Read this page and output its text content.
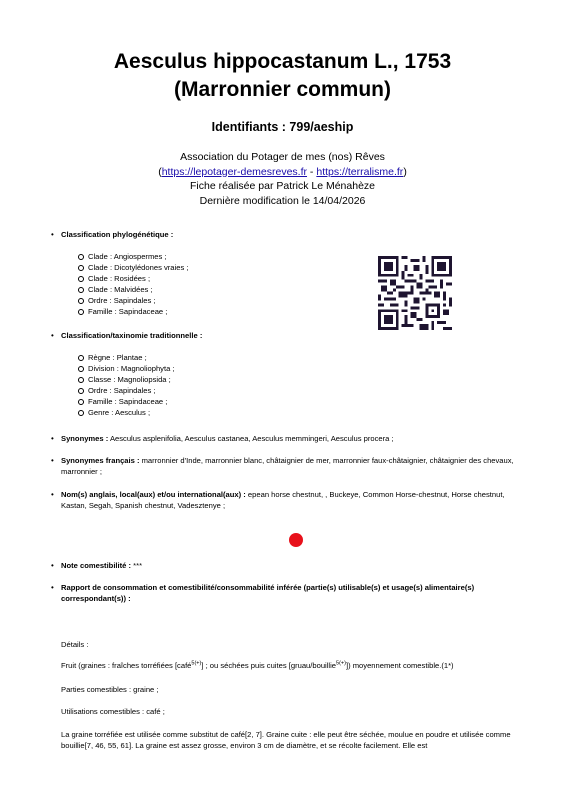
Aesculus hippocastanum L., 1753
(Marronnier commun)
Identifiants : 799/aeship
Association du Potager de mes (nos) Rêves
(https://lepotager-demesreves.fr - https://terralisme.fr)
Fiche réalisée par Patrick Le Ménahèze
Dernière modification le 14/04/2026
• Classification phylogénétique :
Clade : Angiospermes ;
Clade : Dicotylédones vraies ;
Clade : Rosidées ;
Clade : Malvidées ;
Ordre : Sapindales ;
Famille : Sapindaceae ;
• Classification/taxinomie traditionnelle :
Règne : Plantae ;
Division : Magnoliophyta ;
Classe : Magnoliopsida ;
Ordre : Sapindales ;
Famille : Sapindaceae ;
Genre : Aesculus ;
• Synonymes : Aesculus asplenifolia, Aesculus castanea, Aesculus memmingeri, Aesculus procera ;
• Synonymes français : marronnier d'Inde, marronnier blanc, châtaignier de mer, marronnier faux-châtaignier, châtaignier des chevaux, marronnier ;
• Nom(s) anglais, local(aux) et/ou international(aux) : epean horse chestnut, , Buckeye, Common Horse-chestnut, Horse chestnut, Kastan, Segah, Spanish chestnut, Vadesztenye ;
• Note comestibilité : ***
• Rapport de consommation et comestibilité/consommabilité inférée (partie(s) utilisable(s) et usage(s) alimentaire(s) correspondant(s)) :
Détails :
Fruit (graines : fraîches torréfiées [café$^{5(+)}$] ; ou séchées puis cuites [gruau/bouillie$^{5(+)}$]) moyennement comestible.(1*)
Parties comestibles : graine ;
Utilisations comestibles : café ;
La graine torréfiée est utilisée comme substitut de café[2, 7]. Graine cuite : elle peut être séchée, moulue en poudre et utilisée comme bouillie[7, 46, 55, 61]. La graine est assez grosse, environ 3 cm de diamètre, et se récolte facilement. Elle est
